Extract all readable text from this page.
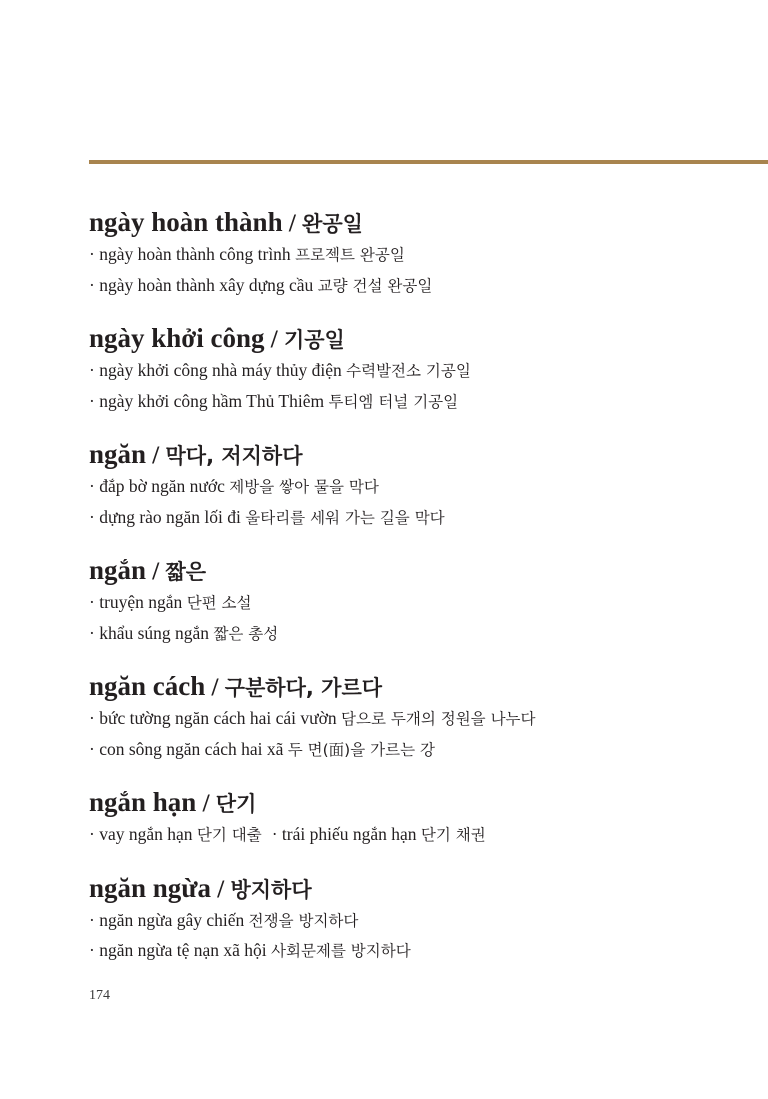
ngày hoàn thành / 완공일
· ngày hoàn thành công trình 프로젝트 완공일
· ngày hoàn thành xây dựng cầu 교량 건설 완공일
ngày khởi công / 기공일
· ngày khởi công nhà máy thủy điện 수력발전소 기공일
· ngày khởi công hầm Thủ Thiêm 투티엠 터널 기공일
ngăn / 막다, 저지하다
· đắp bờ ngăn nước 제방을 쌓아 물을 막다
· dựng rào ngăn lối đi 울타리를 세워 가는 길을 막다
ngắn / 짧은
· truyện ngắn 단편 소설
· khẩu súng ngắn 짧은 총성
ngăn cách / 구분하다, 가르다
· bức tường ngăn cách hai cái vườn 담으로 두개의 정원을 나누다
· con sông ngăn cách hai xã 두 면(面)을 가르는 강
ngắn hạn / 단기
· vay ngắn hạn 단기 대출 · trái phiếu ngắn hạn 단기 채권
ngăn ngừa / 방지하다
· ngăn ngừa gây chiến 전쟁을 방지하다
· ngăn ngừa tệ nạn xã hội 사회문제를 방지하다
174
